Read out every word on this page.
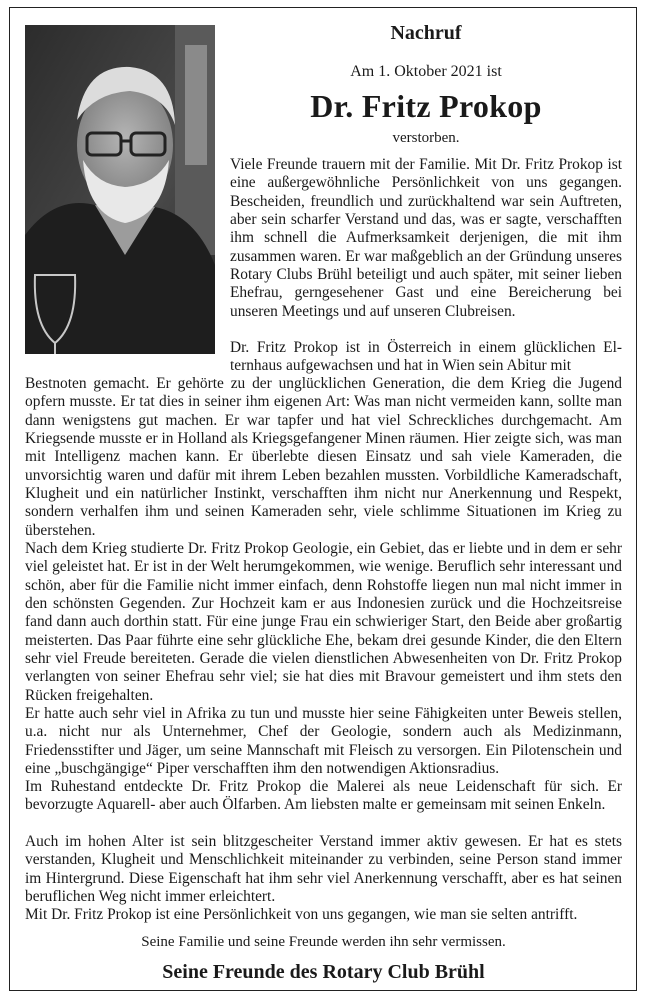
Nachruf
Am 1. Oktober 2021 ist
Dr. Fritz Prokop
verstorben.

Viele Freunde trauern mit der Familie. Mit Dr. Fritz Prokop ist eine außergewöhnliche Persönlichkeit von uns gegangen. Bescheiden, freundlich und zurückhaltend war sein Auftreten, aber sein scharfer Verstand und das, was er sagte, verschafften ihm schnell die Aufmerksamkeit derjenigen, die mit ihm zusammen waren. Er war maßgeblich an der Gründung unseres Rotary Clubs Brühl beteiligt und auch später, mit seiner lieben Ehefrau, gerngesehener Gast und eine Bereicherung bei unseren Meetings und auf unseren Clubreisen.

Dr. Fritz Prokop ist in Österreich in einem glücklichen Elternhaus aufgewachsen und hat in Wien sein Abitur mit

Bestnoten gemacht. Er gehörte zu der unglücklichen Generation, die dem Krieg die Jugend opfern musste. Er tat dies in seiner ihm eigenen Art: Was man nicht vermeiden kann, sollte man dann wenigstens gut machen. Er war tapfer und hat viel Schreckliches durchgemacht. Am Kriegsende musste er in Holland als Kriegsgefangener Minen räumen. Hier zeigte sich, was man mit Intelligenz machen kann. Er überlebte diesen Einsatz und sah viele Kameraden, die unvorsichtig waren und dafür mit ihrem Leben bezahlen mussten. Vorbildliche Kameradschaft, Klugheit und ein natürlicher Instinkt, verschafften ihm nicht nur Anerkennung und Respekt, sondern verhalfen ihm und seinen Kameraden sehr, viele schlimme Situationen im Krieg zu überstehen.

Nach dem Krieg studierte Dr. Fritz Prokop Geologie, ein Gebiet, das er liebte und in dem er sehr viel geleistet hat. Er ist in der Welt herumgekommen, wie wenige. Beruflich sehr interessant und schön, aber für die Familie nicht immer einfach, denn Rohstoffe liegen nun mal nicht immer in den schönsten Gegenden. Zur Hochzeit kam er aus Indonesien zurück und die Hochzeitsreise fand dann auch dorthin statt. Für eine junge Frau ein schwieriger Start, den Beide aber großartig meisterten. Das Paar führte eine sehr glückliche Ehe, bekam drei gesunde Kinder, die den Eltern sehr viel Freude bereiteten. Gerade die vielen dienstlichen Abwesenheiten von Dr. Fritz Prokop verlangten von seiner Ehefrau sehr viel; sie hat dies mit Bravour gemeistert und ihm stets den Rücken freigehalten.

Er hatte auch sehr viel in Afrika zu tun und musste hier seine Fähigkeiten unter Beweis stellen, u.a. nicht nur als Unternehmer, Chef der Geologie, sondern auch als Medizinmann, Friedensstifter und Jäger, um seine Mannschaft mit Fleisch zu versorgen. Ein Pilotenschein und eine „buschgängige“ Piper verschafften ihm den notwendigen Aktionsradius.

Im Ruhestand entdeckte Dr. Fritz Prokop die Malerei als neue Leidenschaft für sich. Er bevorzugte Aquarell- aber auch Ölfarben. Am liebsten malte er gemeinsam mit seinen Enkeln.

Auch im hohen Alter ist sein blitzgescheiter Verstand immer aktiv gewesen. Er hat es stets verstanden, Klugheit und Menschlichkeit miteinander zu verbinden, seine Person stand immer im Hintergrund. Diese Eigenschaft hat ihm sehr viel Anerkennung verschafft, aber es hat seinen beruflichen Weg nicht immer erleichtert.

Mit Dr. Fritz Prokop ist eine Persönlichkeit von uns gegangen, wie man sie selten antrifft.

Seine Familie und seine Freunde werden ihn sehr vermissen.
Seine Freunde des Rotary Club Brühl
